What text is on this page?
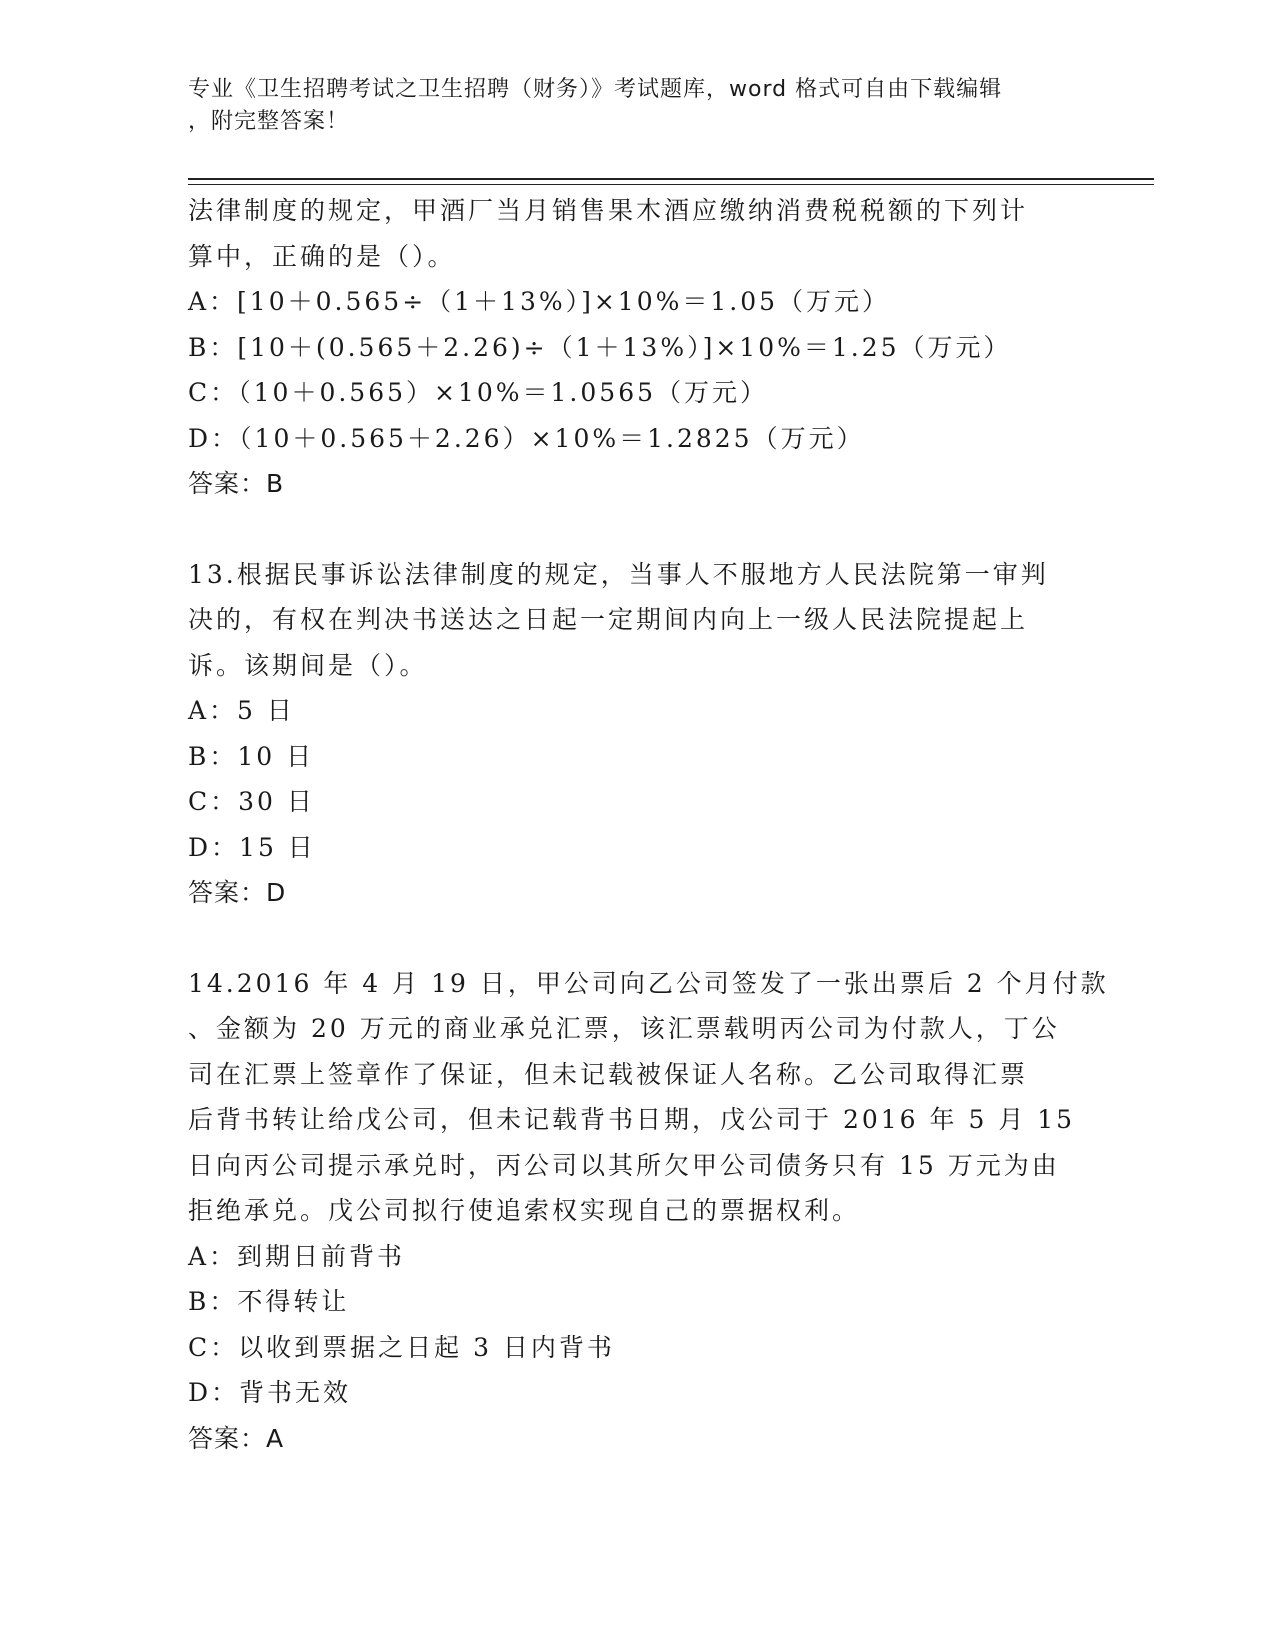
专业《卫生招聘考试之卫生招聘（财务）》考试题库，word 格式可自由下载编辑
，附完整答案！
法律制度的规定，甲酒厂当月销售果木酒应缴纳消费税税额的下列计
算中，正确的是（）。
A：[10＋0.565÷（1＋13%）]×10%＝1.05（万元）
B：[10＋(0.565＋2.26)÷（1＋13%）]×10%＝1.25（万元）
C：（10＋0.565）×10%＝1.0565（万元）
D：（10＋0.565＋2.26）×10%＝1.2825（万元）
答案：B
13.根据民事诉讼法律制度的规定，当事人不服地方人民法院第一审判
决的，有权在判决书送达之日起一定期间内向上一级人民法院提起上
诉。该期间是（）。
A：5 日
B：10 日
C：30 日
D：15 日
答案：D
14.2016 年 4 月 19 日，甲公司向乙公司签发了一张出票后 2 个月付款
、金额为 20 万元的商业承兑汇票，该汇票载明丙公司为付款人，丁公
司在汇票上签章作了保证，但未记载被保证人名称。乙公司取得汇票
后背书转让给戊公司，但未记载背书日期，戊公司于 2016 年 5 月 15
日向丙公司提示承兑时，丙公司以其所欠甲公司债务只有 15 万元为由
拒绝承兑。戊公司拟行使追索权实现自己的票据权利。
A：到期日前背书
B：不得转让
C：以收到票据之日起 3 日内背书
D：背书无效
答案：A
